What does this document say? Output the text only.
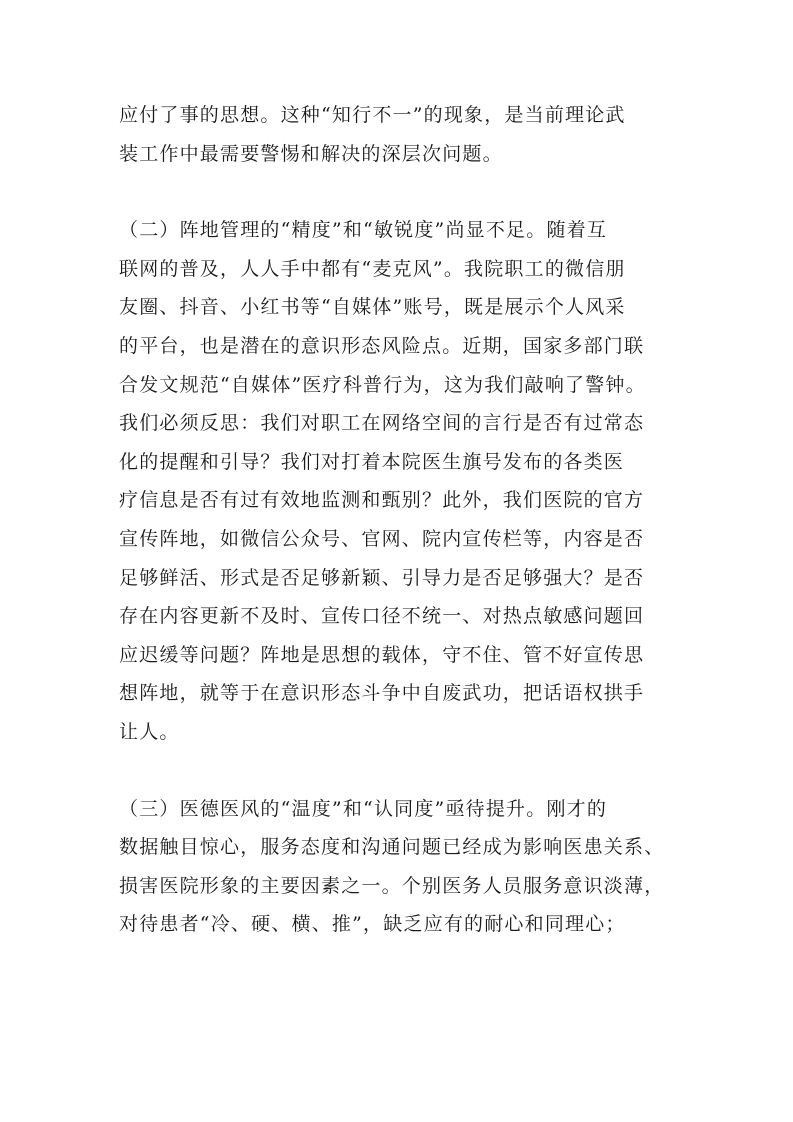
应付了事的思想。这种“知行不一”的现象，是当前理论武
装工作中最需要警惕和解决的深层次问题。
（二）阵地管理的“精度”和“敏锐度”尚显不足。随着互
联网的普及，人人手中都有“麦克风”。我院职工的微信朋
友圈、抖音、小红书等“自媒体”账号，既是展示个人风采
的平台，也是潜在的意识形态风险点。近期，国家多部门联
合发文规范“自媒体”医疗科普行为，这为我们敲响了警钟。
我们必须反思：我们对职工在网络空间的言行是否有过常态
化的提醒和引导？我们对打着本院医生旗号发布的各类医
疗信息是否有过有效地监测和甄别？此外，我们医院的官方
宣传阵地，如微信公众号、官网、院内宣传栏等，内容是否
足够鲜活、形式是否足够新颖、引导力是否足够强大？是否
存在内容更新不及时、宣传口径不统一、对热点敏感问题回
应迟缓等问题？阵地是思想的载体，守不住、管不好宣传思
想阵地，就等于在意识形态斗争中自废武功，把话语权拱手
让人。
（三）医德医风的“温度”和“认同度”亟待提升。刚才的
数据触目惊心，服务态度和沟通问题已经成为影响医患关系、
损害医院形象的主要因素之一。个别医务人员服务意识淡薄，
对待患者“冷、硬、横、推”，缺乏应有的耐心和同理心；
